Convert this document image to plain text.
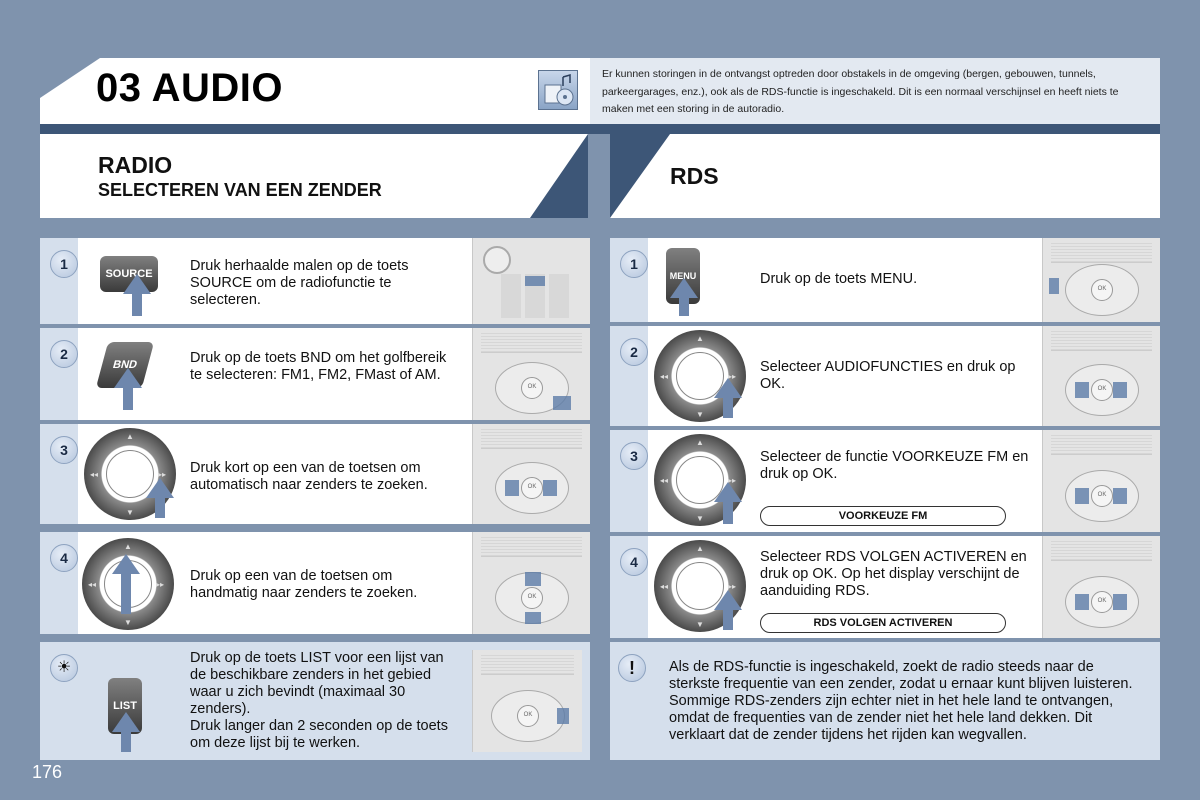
03 AUDIO	Er kunnen storingen in de ontvangst optreden door obstakels in de omgeving (bergen, gebouwen, tunnels, parkeergarages, enz.), ook als de RDS-functie is ingeschakeld. Dit is een normaal verschijnsel en heeft niets te maken met een storing in de autoradio.
RADIO
SELECTEREN VAN EEN ZENDER
RDS
1
SOURCE	Druk herhaalde malen op de toets SOURCE om de radiofunctie te selecteren.
2
BND	Druk op de toets BND om het golfbereik te selecteren: FM1, FM2, FMast of AM.
OK
3
▲
▼
◂◂	▸▸ Druk kort op een van de toetsen om automatisch naar zenders te zoeken.	OK
4
▲
▼
◂◂	▸▸
Druk op een van de toetsen om handmatig naar zenders te zoeken.	OK
☀
LIST
Druk op de toets LIST voor een lijst van de beschikbare zenders in het gebied waar u zich bevindt (maximaal 30 zenders).
Druk langer dan 2 seconden op de toets om deze lijst bij te werken.
OK
1
MENU	Druk op de toets MENU.
OK
2
▲
▼
◂◂	▸▸
Selecteer AUDIOFUNCTIES en druk op OK.	OK
3
▲
▼
◂◂	▸▸
Selecteer de functie VOORKEUZE FM en druk op OK.
VOORKEUZE FM
OK
4
▲
▼
◂◂	▸▸
Selecteer RDS VOLGEN ACTIVEREN en druk op OK. Op het display verschijnt de aanduiding RDS.
RDS VOLGEN ACTIVEREN
OK
!	Als de RDS-functie is ingeschakeld, zoekt de radio steeds naar de sterkste frequentie van een zender, zodat u ernaar kunt blijven luisteren. Sommige RDS-zenders zijn echter niet in het hele land te ontvangen, omdat de frequenties van de zender niet het hele land dekken. Dit verklaart dat de zender tijdens het rijden kan wegvallen.
176
